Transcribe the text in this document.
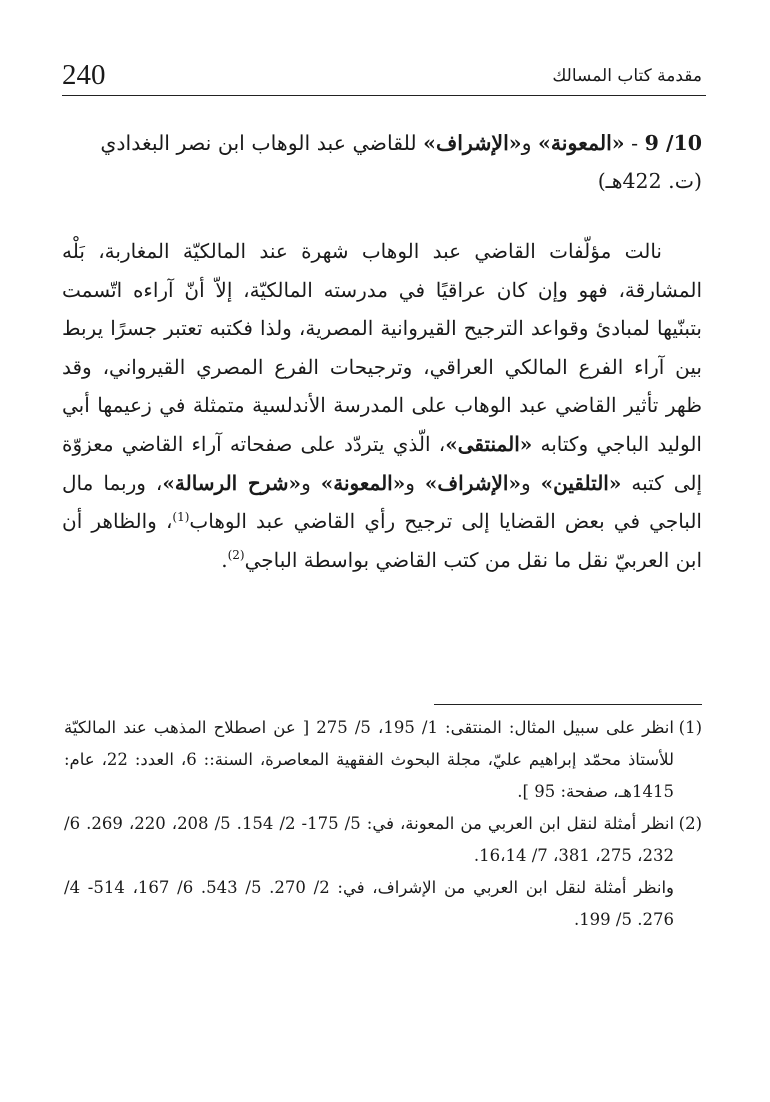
240	مقدمة كتاب المسالك
10/ 9 - «المعونة» و«الإشراف» للقاضي عبد الوهاب ابن نصر البغدادي (ت. 422هـ)

نالت مؤلّفات القاضي عبد الوهاب شهرة عند المالكيّة المغاربة، بَلْه المشارقة، فهو وإن كان عراقيًا في مدرسته المالكيّة، إلاّ أنّ آراءه اتّسمت بتبنّيها لمبادئ وقواعد الترجيح القيروانية المصرية، ولذا فكتبه تعتبر جسرًا يربط بين آراء الفرع المالكي العراقي، وترجيحات الفرع المصري القيرواني، وقد ظهر تأثير القاضي عبد الوهاب على المدرسة الأندلسية متمثلة في زعيمها أبي الوليد الباجي وكتابه «المنتقى»، الّذي يتردّد على صفحاته آراء القاضي معزوّة إلى كتبه «التلقين» و«الإشراف» و«المعونة» و«شرح الرسالة»، وربما مال الباجي في بعض القضايا إلى ترجيح رأي القاضي عبد الوهاب$^{(1)}$، والظاهر أن ابن العربيّ نقل ما نقل من كتب القاضي بواسطة الباجي$^{(2)}$.

(1)
انظر على سبيل المثال: المنتقى: 1/ 195، 5/ 275 [ عن اصطلاح المذهب عند المالكيّة للأستاذ محمّد إبراهيم عليّ، مجلة البحوث الفقهية المعاصرة، السنة:: 6، العدد: 22، عام: 1415هـ، صفحة: 95 ].

(2)
انظر أمثلة لنقل ابن العربي من المعونة، في: 5/ 175- 2/ 154. 5/ 208، 220، 269. 6/ 232، 275، 381، 7/ 16،14.

وانظر أمثلة لنقل ابن العربي من الإشراف، في: 2/ 270. 5/ 543. 6/ 167، 514- 4/ 276. 5/ 199.
